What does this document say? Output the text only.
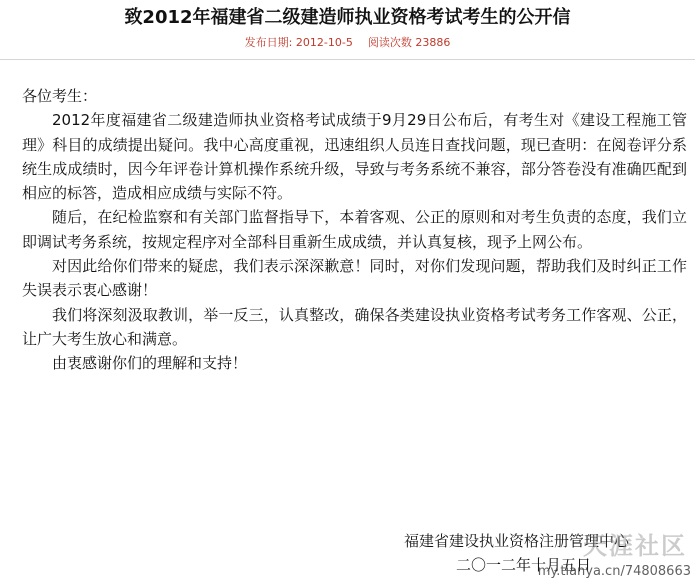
致2012年福建省二级建造师执业资格考试考生的公开信
发布日期: 2012-10-5 阅读次数 23886

各位考生：

2012年度福建省二级建造师执业资格考试成绩于9月29日公布后，有考生对《建设工程施工管理》科目的成绩提出疑问。我中心高度重视，迅速组织人员连日查找问题，现已查明：在阅卷评分系统生成成绩时，因今年评卷计算机操作系统升级，导致与考务系统不兼容，部分答卷没有准确匹配到相应的标答，造成相应成绩与实际不符。

随后，在纪检监察和有关部门监督指导下，本着客观、公正的原则和对考生负责的态度，我们立即调试考务系统，按规定程序对全部科目重新生成成绩，并认真复核，现予上网公布。

对因此给你们带来的疑虑，我们表示深深歉意！同时，对你们发现问题，帮助我们及时纠正工作失误表示衷心感谢！

我们将深刻汲取教训，举一反三，认真整改，确保各类建设执业资格考试考务工作客观、公正，让广大考生放心和满意。

由衷感谢你们的理解和支持！

福建省建设执业资格注册管理中心
二〇一二年十月五日
天涯社区
my.tianya.cn/74808663
